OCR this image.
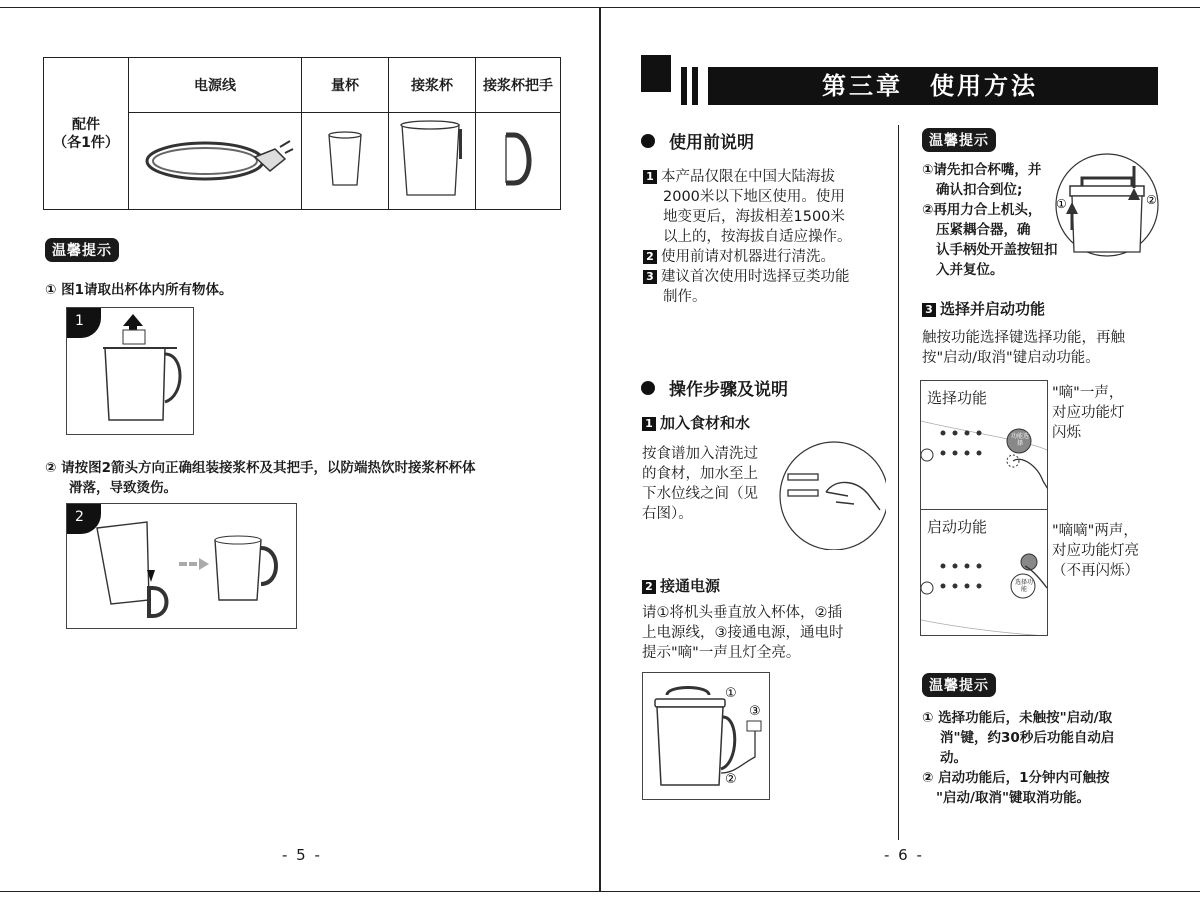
配件
（各1件）	电源线	量杯	接浆杯	接浆杯把手

温馨提示
① 图1请取出杯体内所有物体。
1
② 请按图2箭头方向正确组装接浆杯及其把手，以防端热饮时接浆杯杯体
滑落，导致烫伤。
2
- 5 -
第三章　使用方法
使用前说明
1 本产品仅限在中国大陆海拔
2000米以下地区使用。使用
地变更后，海拔相差1500米
以上的，按海拔自适应操作。
2 使用前请对机器进行清洗。
3 建议首次使用时选择豆类功能
制作。
操作步骤及说明
1 加入食材和水
按食谱加入清洗过
的食材，加水至上
下水位线之间（见
右图）。
2 接通电源
请①将机头垂直放入杯体，②插
上电源线，③接通电源，通电时
提示"嘀"一声且灯全亮。
①
②
③
- 6 -
温馨提示
①请先扣合杯嘴，并
确认扣合到位;
②再用力合上机头，
压紧耦合器，确
认手柄处开盖按钮扣
入并复位。
①	②
3 选择并启动功能
触按功能选择键选择功能，再触
按"启动/取消"键启动功能。
选择功能
功能选择
"嘀"一声，
对应功能灯
闪烁
启动功能
选择功能
"嘀嘀"两声，
对应功能灯亮
（不再闪烁）
温馨提示
① 选择功能后，未触按"启动/取
消"键，约30秒后功能自动启
动。
② 启动功能后，1分钟内可触按
"启动/取消"键取消功能。
